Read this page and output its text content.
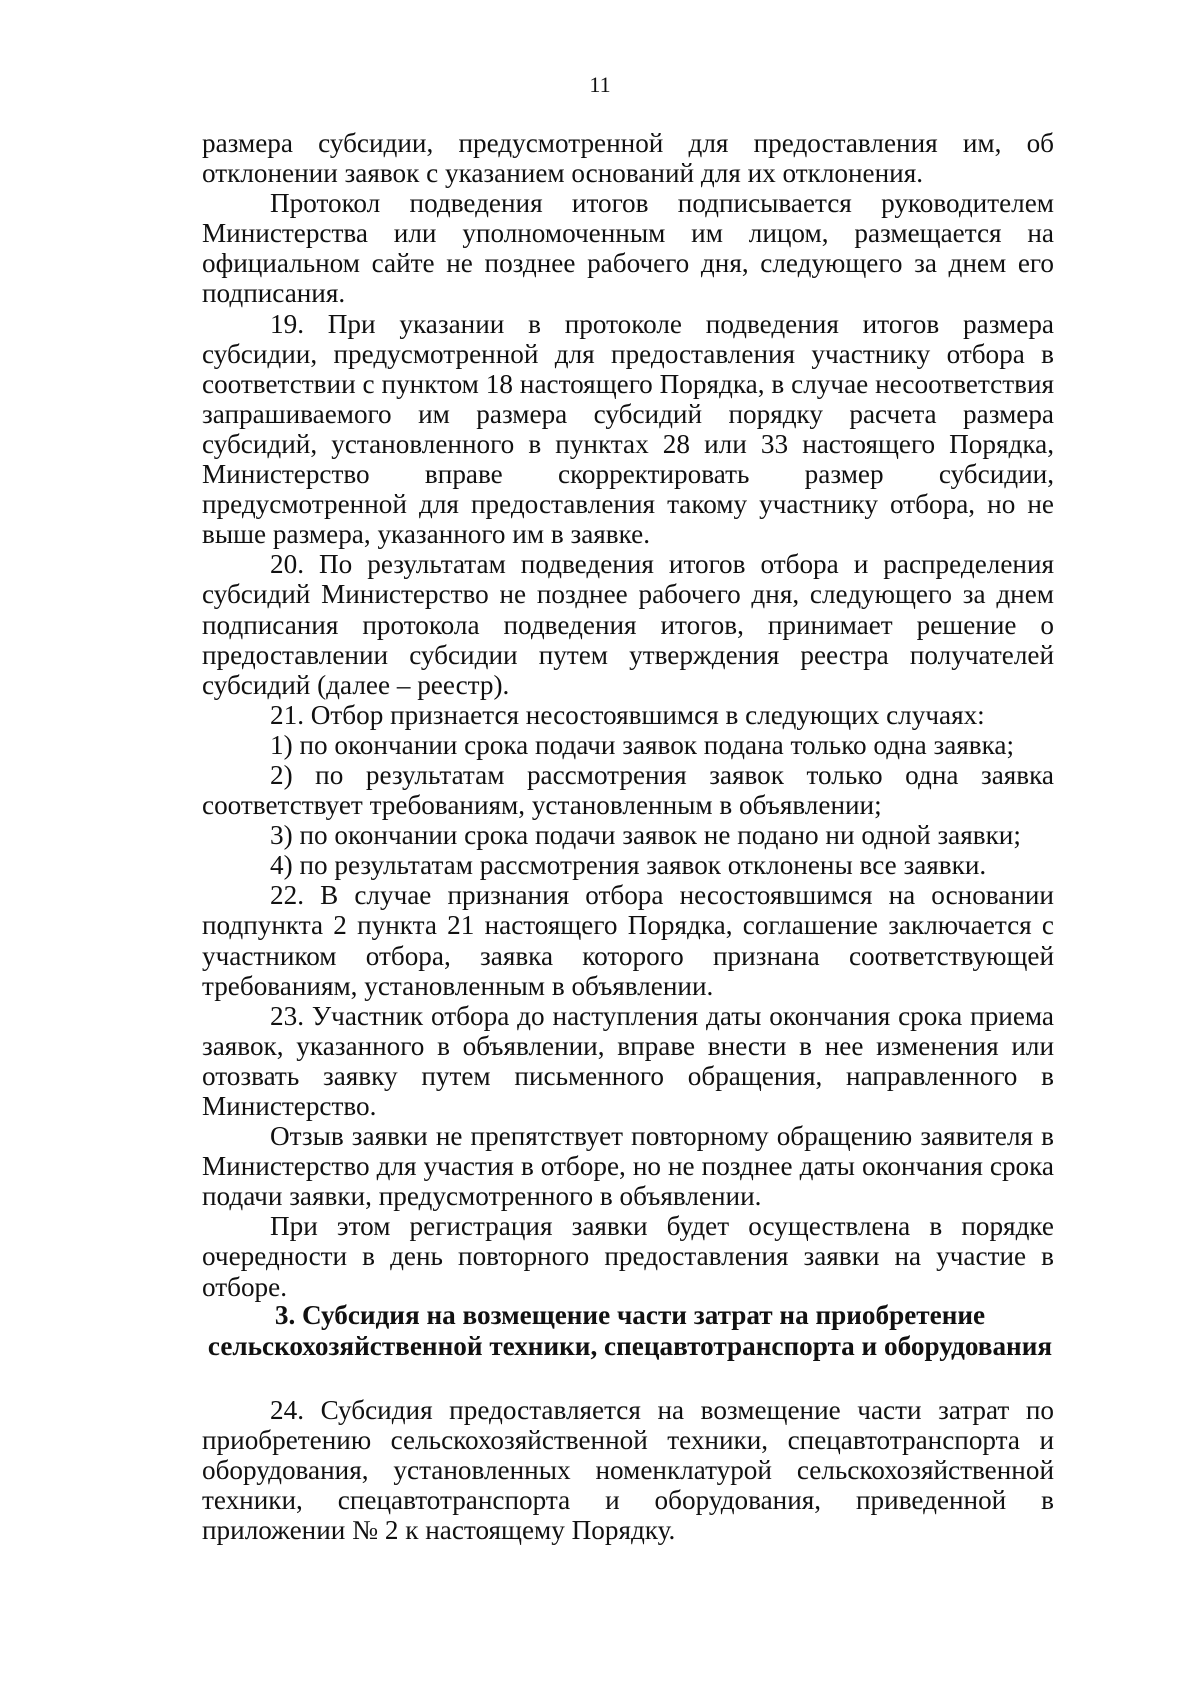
11

размера субсидии, предусмотренной для предоставления им, об отклонении заявок с указанием оснований для их отклонения.

Протокол подведения итогов подписывается руководителем Министерства или уполномоченным им лицом, размещается на официальном сайте не позднее рабочего дня, следующего за днем его подписания.

19. При указании в протоколе подведения итогов размера субсидии, предусмотренной для предоставления участнику отбора в соответствии с пунктом 18 настоящего Порядка, в случае несоответствия запрашиваемого им размера субсидий порядку расчета размера субсидий, установленного в пунктах 28 или 33 настоящего Порядка, Министерство вправе скорректировать размер субсидии, предусмотренной для предоставления такому участнику отбора, но не выше размера, указанного им в заявке.

20. По результатам подведения итогов отбора и распределения субсидий Министерство не позднее рабочего дня, следующего за днем подписания протокола подведения итогов, принимает решение о предоставлении субсидии путем утверждения реестра получателей субсидий (далее – реестр).

21. Отбор признается несостоявшимся в следующих случаях:

1) по окончании срока подачи заявок подана только одна заявка;

2) по результатам рассмотрения заявок только одна заявка соответствует требованиям, установленным в объявлении;

3) по окончании срока подачи заявок не подано ни одной заявки;

4) по результатам рассмотрения заявок отклонены все заявки.

22. В случае признания отбора несостоявшимся на основании подпункта 2 пункта 21 настоящего Порядка, соглашение заключается с участником отбора, заявка которого признана соответствующей требованиям, установленным в объявлении.

23. Участник отбора до наступления даты окончания срока приема заявок, указанного в объявлении, вправе внести в нее изменения или отозвать заявку путем письменного обращения, направленного в Министерство.

Отзыв заявки не препятствует повторному обращению заявителя в Министерство для участия в отборе, но не позднее даты окончания срока подачи заявки, предусмотренного в объявлении.

При этом регистрация заявки будет осуществлена в порядке очередности в день повторного предоставления заявки на участие в отборе.

3. Субсидия на возмещение части затрат на приобретение
сельскохозяйственной техники, спецавтотранспорта и оборудования

24. Субсидия предоставляется на возмещение части затрат по приобретению сельскохозяйственной техники, спецавтотранспорта и оборудования, установленных номенклатурой сельскохозяйственной техники, спецавтотранспорта и оборудования, приведенной в приложении № 2 к настоящему Порядку.
